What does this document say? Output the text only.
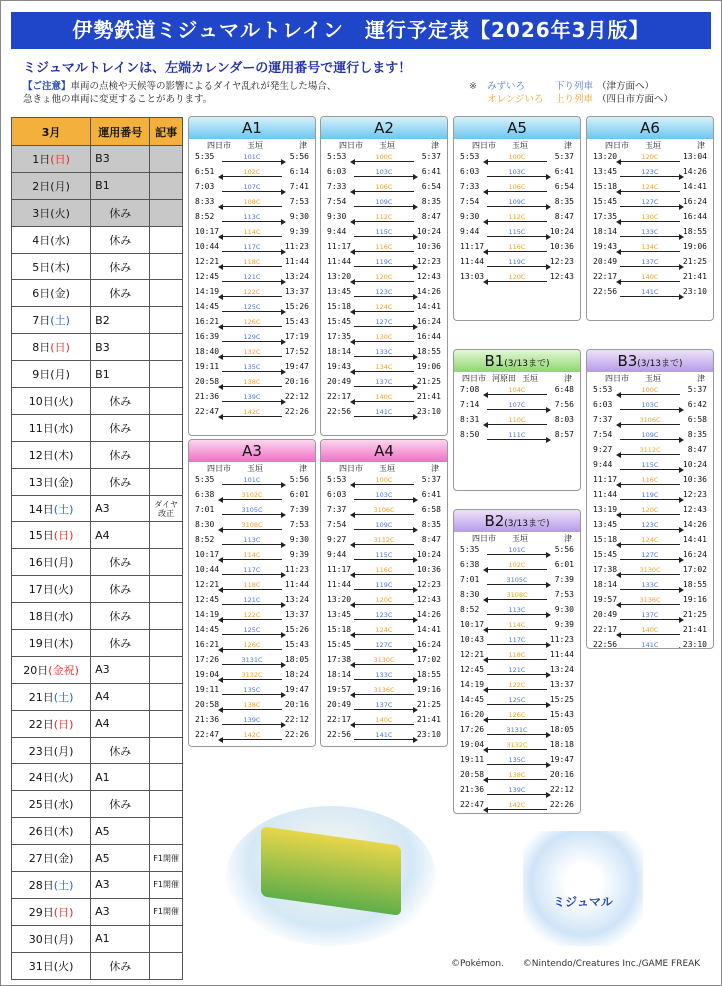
伊勢鉄道ミジュマルトレイン　運行予定表【2026年3月版】
ミジュマルトレインは、左端カレンダーの運用番号で運行します！
【ご注意】車両の点検や天候等の影響によるダイヤ乱れが発生した場合、
急きょ他の車両に変更することがあります。
※	みずいろ	下り列車 （津方面へ）
オレンジいろ	上り列車 （四日市方面へ）
3月	運用番号	記事
1日(日)	B3	
2日(月)	B1	
3日(火)	休み	
4日(水)	休み	
5日(木)	休み	
6日(金)	休み	
7日(土)	B2	
8日(日)	B3	
9日(月)	B1	
10日(火)	休み	
11日(水)	休み	
12日(木)	休み	
13日(金)	休み	
14日(土)	A3	ダイヤ改正
15日(日)	A4	
16日(月)	休み	
17日(火)	休み	
18日(水)	休み	
19日(木)	休み	
20日(金祝)	A3	
21日(土)	A4	
22日(日)	A4	
23日(月)	休み	
24日(火)	A1	
25日(水)	休み	
26日(木)	A5	
27日(金)	A5	F1開催
28日(土)	A3	F1開催
29日(日)	A3	F1開催
30日(月)	A1	
31日(火)	休み	
A1
四日市	玉垣	津
5:35	101C	5:56
6:51	102C	6:14
7:03	107C	7:41
8:33	108C	7:53
8:52	113C	9:30
10:17	114C	9:39
10:44	117C	11:23
12:21	118C	11:44
12:45	121C	13:24
14:19	122C	13:37
14:45	125C	15:26
16:21	126C	15:43
16:39	129C	17:19
18:40	132C	17:52
19:11	135C	19:47
20:58	138C	20:16
21:36	139C	22:12
22:47	142C	22:26
A2
四日市	玉垣	津
5:53	100C	5:37
6:03	103C	6:41
7:33	106C	6:54
7:54	109C	8:35
9:30	112C	8:47
9:44	115C	10:24
11:17	116C	10:36
11:44	119C	12:23
13:20	120C	12:43
13:45	123C	14:26
15:18	124C	14:41
15:45	127C	16:24
17:35	130C	16:44
18:14	133C	18:55
19:43	134C	19:06
20:49	137C	21:25
22:17	140C	21:41
22:56	141C	23:10
A5
四日市	玉垣	津
5:53	100C	5:37
6:03	103C	6:41
7:33	106C	6:54
7:54	109C	8:35
9:30	112C	8:47
9:44	115C	10:24
11:17	116C	10:36
11:44	119C	12:23
13:03	120C	12:43
A6
四日市	玉垣	津
13:20	120C	13:04
13:45	123C	14:26
15:18	124C	14:41
15:45	127C	16:24
17:35	130C	16:44
18:14	133C	18:55
19:43	134C	19:06
20:49	137C	21:25
22:17	140C	21:41
22:56	141C	23:10
A3
四日市	玉垣	津
5:35	101C	5:56
6:38	3102C	6:01
7:01	3105C	7:39
8:30	3108C	7:53
8:52	113C	9:30
10:17	114C	9:39
10:44	117C	11:23
12:21	118C	11:44
12:45	121C	13:24
14:19	122C	13:37
14:45	125C	15:26
16:21	126C	15:43
17:26	3131C	18:05
19:04	3132C	18:24
19:11	135C	19:47
20:58	138C	20:16
21:36	139C	22:12
22:47	142C	22:26
A4
四日市	玉垣	津
5:53	100C	5:37
6:03	103C	6:41
7:37	3106C	6:58
7:54	109C	8:35
9:27	3112C	8:47
9:44	115C	10:24
11:17	116C	10:36
11:44	119C	12:23
13:20	120C	12:43
13:45	123C	14:26
15:18	124C	14:41
15:45	127C	16:24
17:38	3130C	17:02
18:14	133C	18:55
19:57	3136C	19:16
20:49	137C	21:25
22:17	140C	21:41
22:56	141C	23:10
B1(3/13まで)
四日市 河原田 玉垣	津
7:08	104C	6:48
7:14	107C	7:56
8:31	110C	8:03
8:50	111C	8:57
B2(3/13まで)
四日市	玉垣	津
5:35	101C	5:56
6:38	102C	6:01
7:01	3105C	7:39
8:30	3108C	7:53
8:52	113C	9:30
10:17	114C	9:39
10:43	117C	11:23
12:21	118C	11:44
12:45	121C	13:24
14:19	122C	13:37
14:45	125C	15:25
16:20	126C	15:43
17:26	3131C	18:05
19:04	3132C	18:18
19:11	135C	19:47
20:58	138C	20:16
21:36	139C	22:12
22:47	142C	22:26
B3(3/13まで)
四日市	玉垣	津
5:53	100C	5:37
6:03	103C	6:42
7:37	3106C	6:58
7:54	109C	8:35
9:27	3112C	8:47
9:44	115C	10:24
11:17	116C	10:36
11:44	119C	12:23
13:19	120C	12:43
13:45	123C	14:26
15:18	124C	14:41
15:45	127C	16:24
17:38	3130C	17:02
18:14	133C	18:55
19:57	3136C	19:16
20:49	137C	21:25
22:17	140C	21:41
22:56	141C	23:10
ミジュマル
©Pokémon. ©Nintendo/Creatures Inc./GAME FREAK
